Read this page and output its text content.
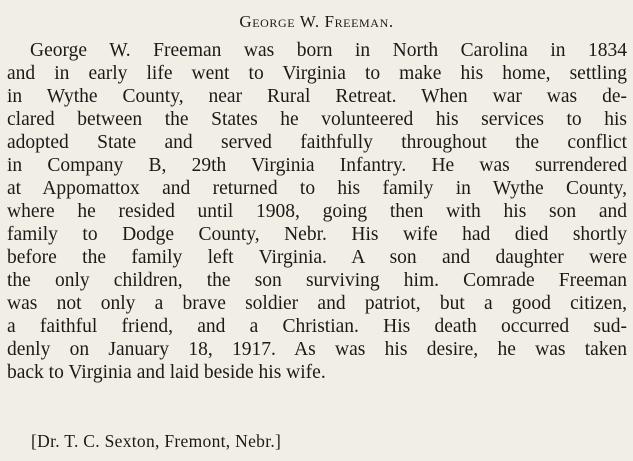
George W. Freeman.
George W. Freeman was born in North Carolina in 1834
and in early life went to Virginia to make his home, settling
in Wythe County, near Rural Retreat. When war was de-
clared between the States he volunteered his services to his
adopted State and served faithfully throughout the conflict
in Company B, 29th Virginia Infantry. He was surrendered
at Appomattox and returned to his family in Wythe County,
where he resided until 1908, going then with his son and
family to Dodge County, Nebr. His wife had died shortly
before the family left Virginia. A son and daughter were
the only children, the son surviving him. Comrade Freeman
was not only a brave soldier and patriot, but a good citizen,
a faithful friend, and a Christian. His death occurred sud-
denly on January 18, 1917. As was his desire, he was taken
back to Virginia and laid beside his wife.
[Dr. T. C. Sexton, Fremont, Nebr.]
